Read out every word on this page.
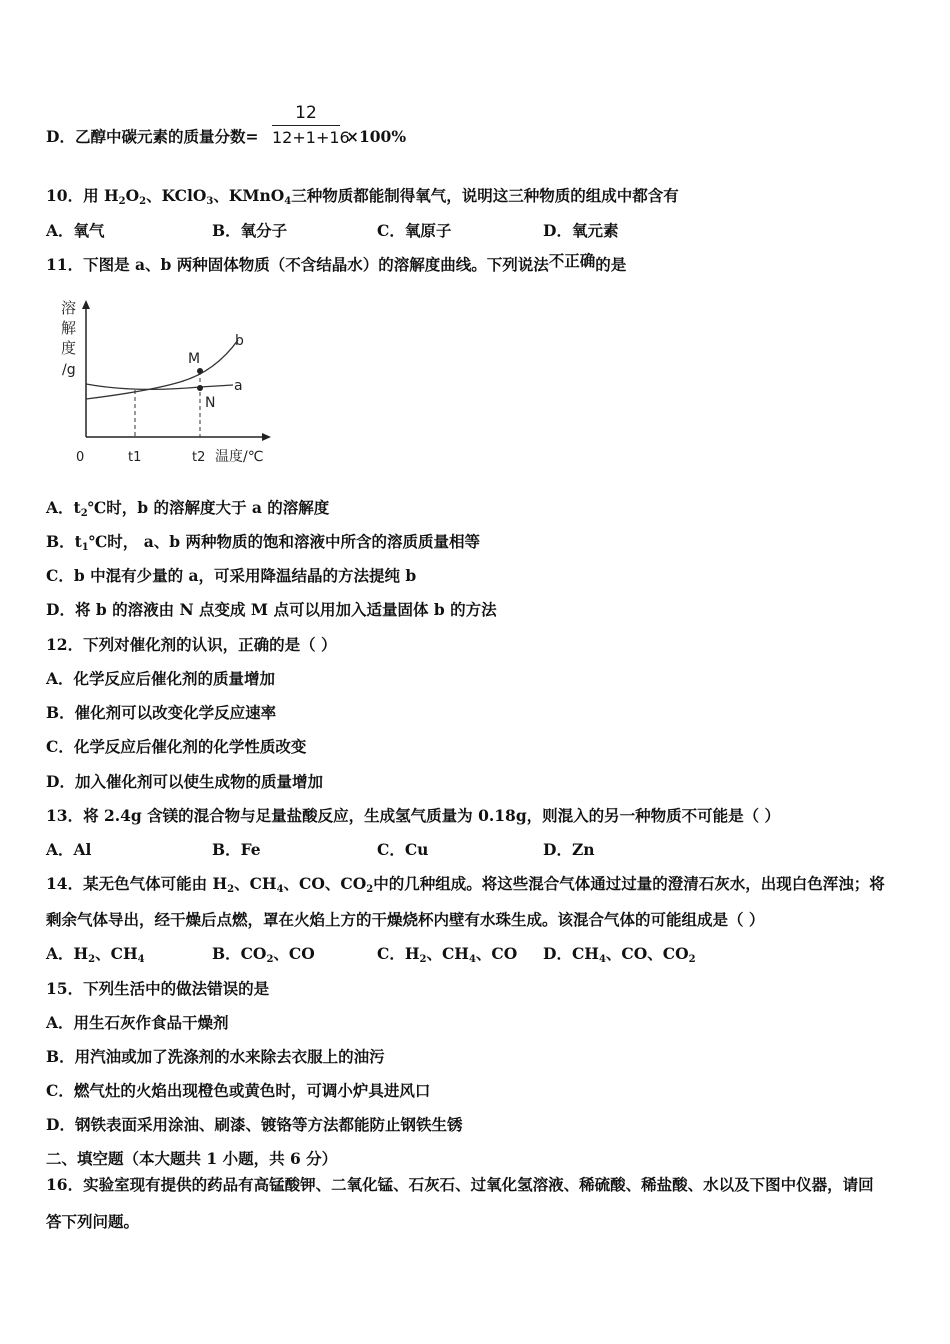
D．乙醇中碳元素的质量分数=
12
12+1+16
×100%
10．用 $H_2O_2$、KClO$_3$、KMnO$_4$三种物质都能制得氧气，说明这三种物质的组成中都含有
A．氧气	B．氧分子	C．氧原子	D．氧元素
11．下图是 a、b 两种固体物质（不含结晶水）的溶解度曲线。下列说法不正确的是
溶
解
度
/g
M
N
b
a
0	t1	t2 温度/℃
A．$t_2℃$时，b 的溶解度大于 a 的溶解度
B．$t_1℃$时， a、b 两种物质的饱和溶液中所含的溶质质量相等
C．b 中混有少量的 a，可采用降温结晶的方法提纯 b
D．将 b 的溶液由 N 点变成 M 点可以用加入适量固体 b 的方法
12．下列对催化剂的认识，正确的是（ ）
A．化学反应后催化剂的质量增加
B．催化剂可以改变化学反应速率
C．化学反应后催化剂的化学性质改变
D．加入催化剂可以使生成物的质量增加
13．将 2.4g 含镁的混合物与足量盐酸反应，生成氢气质量为 0.18g，则混入的另一种物质不可能是（ ）
A．Al	B．Fe	C．Cu	D．Zn
14．某无色气体可能由 $H_2$、$CH_4$、CO、$CO_2$中的几种组成。将这些混合气体通过过量的澄清石灰水，出现白色浑浊；将
剩余气体导出，经干燥后点燃，罩在火焰上方的干燥烧杯内壁有水珠生成。该混合气体的可能组成是（ ）
A．$H_2$、$CH_4$	B．$CO_2$、CO	C．$H_2$、$CH_4$、CO D．$CH_4$、CO、$CO_2$
15．下列生活中的做法错误的是
A．用生石灰作食品干燥剂
B．用汽油或加了洗涤剂的水来除去衣服上的油污
C．燃气灶的火焰出现橙色或黄色时，可调小炉具进风口
D．钢铁表面采用涂油、刷漆、镀铬等方法都能防止钢铁生锈
二、填空题（本大题共 1 小题，共 6 分）
16．实验室现有提供的药品有高锰酸钾、二氧化锰、石灰石、过氧化氢溶液、稀硫酸、稀盐酸、水以及下图中仪器，请回
答下列问题。
